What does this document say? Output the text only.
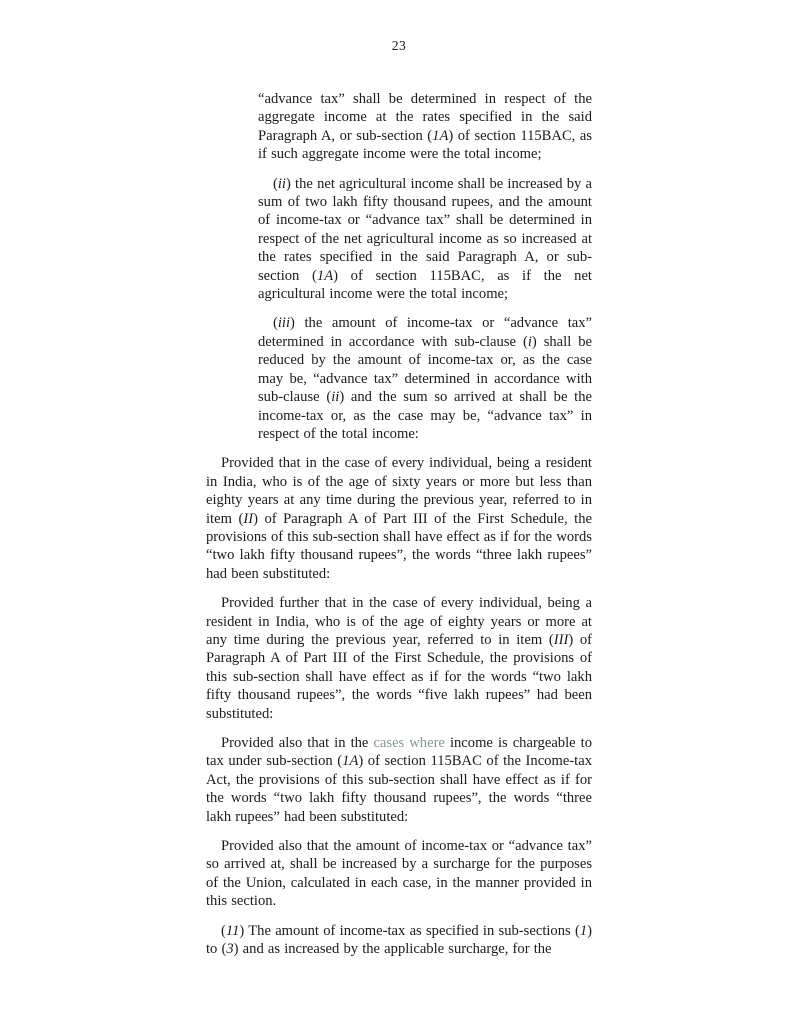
23

“advance tax” shall be determined in respect of the aggregate income at the rates specified in the said Paragraph A, or sub-section (1A) of section 115BAC, as if such aggregate income were the total income;

(ii) the net agricultural income shall be increased by a sum of two lakh fifty thousand rupees, and the amount of income-tax or “advance tax” shall be determined in respect of the net agricultural income as so increased at the rates specified in the said Paragraph A, or sub-section (1A) of section 115BAC, as if the net agricultural income were the total income;

(iii) the amount of income-tax or “advance tax” determined in accordance with sub-clause (i) shall be reduced by the amount of income-tax or, as the case may be, “advance tax” determined in accordance with sub-clause (ii) and the sum so arrived at shall be the income-tax or, as the case may be, “advance tax” in respect of the total income:

Provided that in the case of every individual, being a resident in India, who is of the age of sixty years or more but less than eighty years at any time during the previous year, referred to in item (II) of Paragraph A of Part III of the First Schedule, the provisions of this sub-section shall have effect as if for the words “two lakh fifty thousand rupees”, the words “three lakh rupees” had been substituted:

Provided further that in the case of every individual, being a resident in India, who is of the age of eighty years or more at any time during the previous year, referred to in item (III) of Paragraph A of Part III of the First Schedule, the provisions of this sub-section shall have effect as if for the words “two lakh fifty thousand rupees”, the words “five lakh rupees” had been substituted:

Provided also that in the cases where income is chargeable to tax under sub-section (1A) of section 115BAC of the Income-tax Act, the provisions of this sub-section shall have effect as if for the words “two lakh fifty thousand rupees”, the words “three lakh rupees” had been substituted:

Provided also that the amount of income-tax or “advance tax” so arrived at, shall be increased by a surcharge for the purposes of the Union, calculated in each case, in the manner provided in this section.

(11) The amount of income-tax as specified in sub-sections (1) to (3) and as increased by the applicable surcharge, for the
